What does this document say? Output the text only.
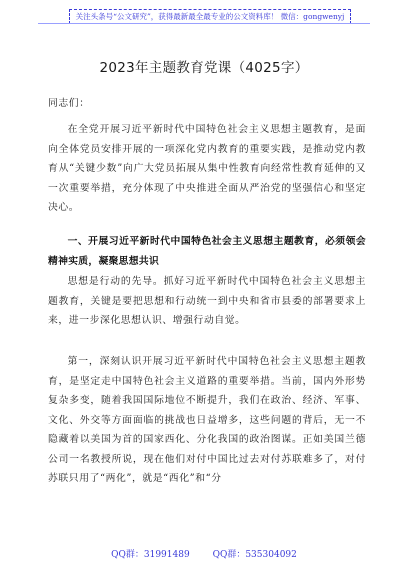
关注头条号“公文研究”，获得最新最全最专业的公文资料库！ 微信：gongwenyj
2023年主题教育党课（4025字）
同志们：
在全党开展习近平新时代中国特色社会主义思想主题教育，是面向全体党员安排开展的一项深化党内教育的重要实践，是推动党内教育从“关键少数”向广大党员拓展从集中性教育向经常性教育延伸的又一次重要举措，充分体现了中央推进全面从严治党的坚强信心和坚定决心。
一、开展习近平新时代中国特色社会主义思想主题教育，必须领会精神实质，凝聚思想共识
思想是行动的先导。抓好习近平新时代中国特色社会主义思想主题教育，关键是要把思想和行动统一到中央和省市县委的部署要求上来，进一步深化思想认识、增强行动自觉。
第一，深刻认识开展习近平新时代中国特色社会主义思想主题教育，是坚定走中国特色社会主义道路的重要举措。当前，国内外形势复杂多变，随着我国国际地位不断提升，我们在政治、经济、军事、文化、外交等方面面临的挑战也日益增多，这些问题的背后，无一不隐藏着以美国为首的国家西化、分化我国的政治图谋。正如美国兰德公司一名教授所说，现在他们对付中国比过去对付苏联难多了，对付苏联只用了“两化”，就是“西化”和“分
QQ群：31991489	QQ群：535304092
